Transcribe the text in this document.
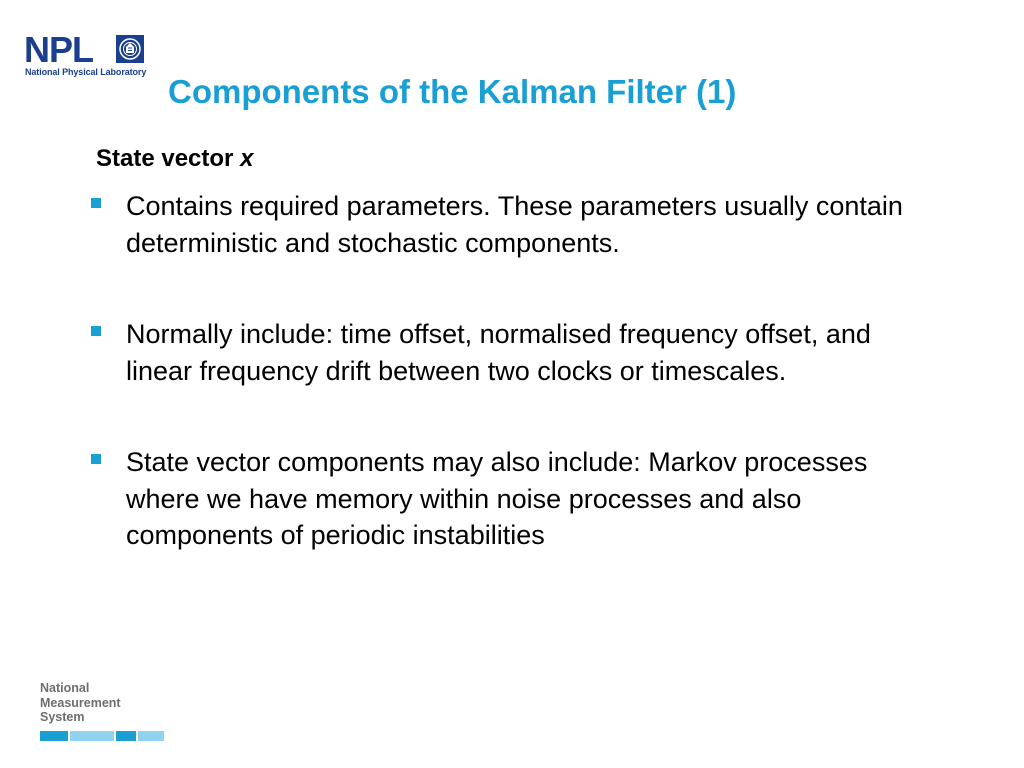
NPL
National Physical Laboratory
Components of the Kalman Filter (1)
State vector x
Contains required parameters. These parameters usually contain deterministic and stochastic components.
Normally include: time offset, normalised frequency offset, and linear frequency drift between two clocks or timescales.
State vector components may also include: Markov processes where we have memory within noise processes and also components of periodic instabilities
National
Measurement
System
